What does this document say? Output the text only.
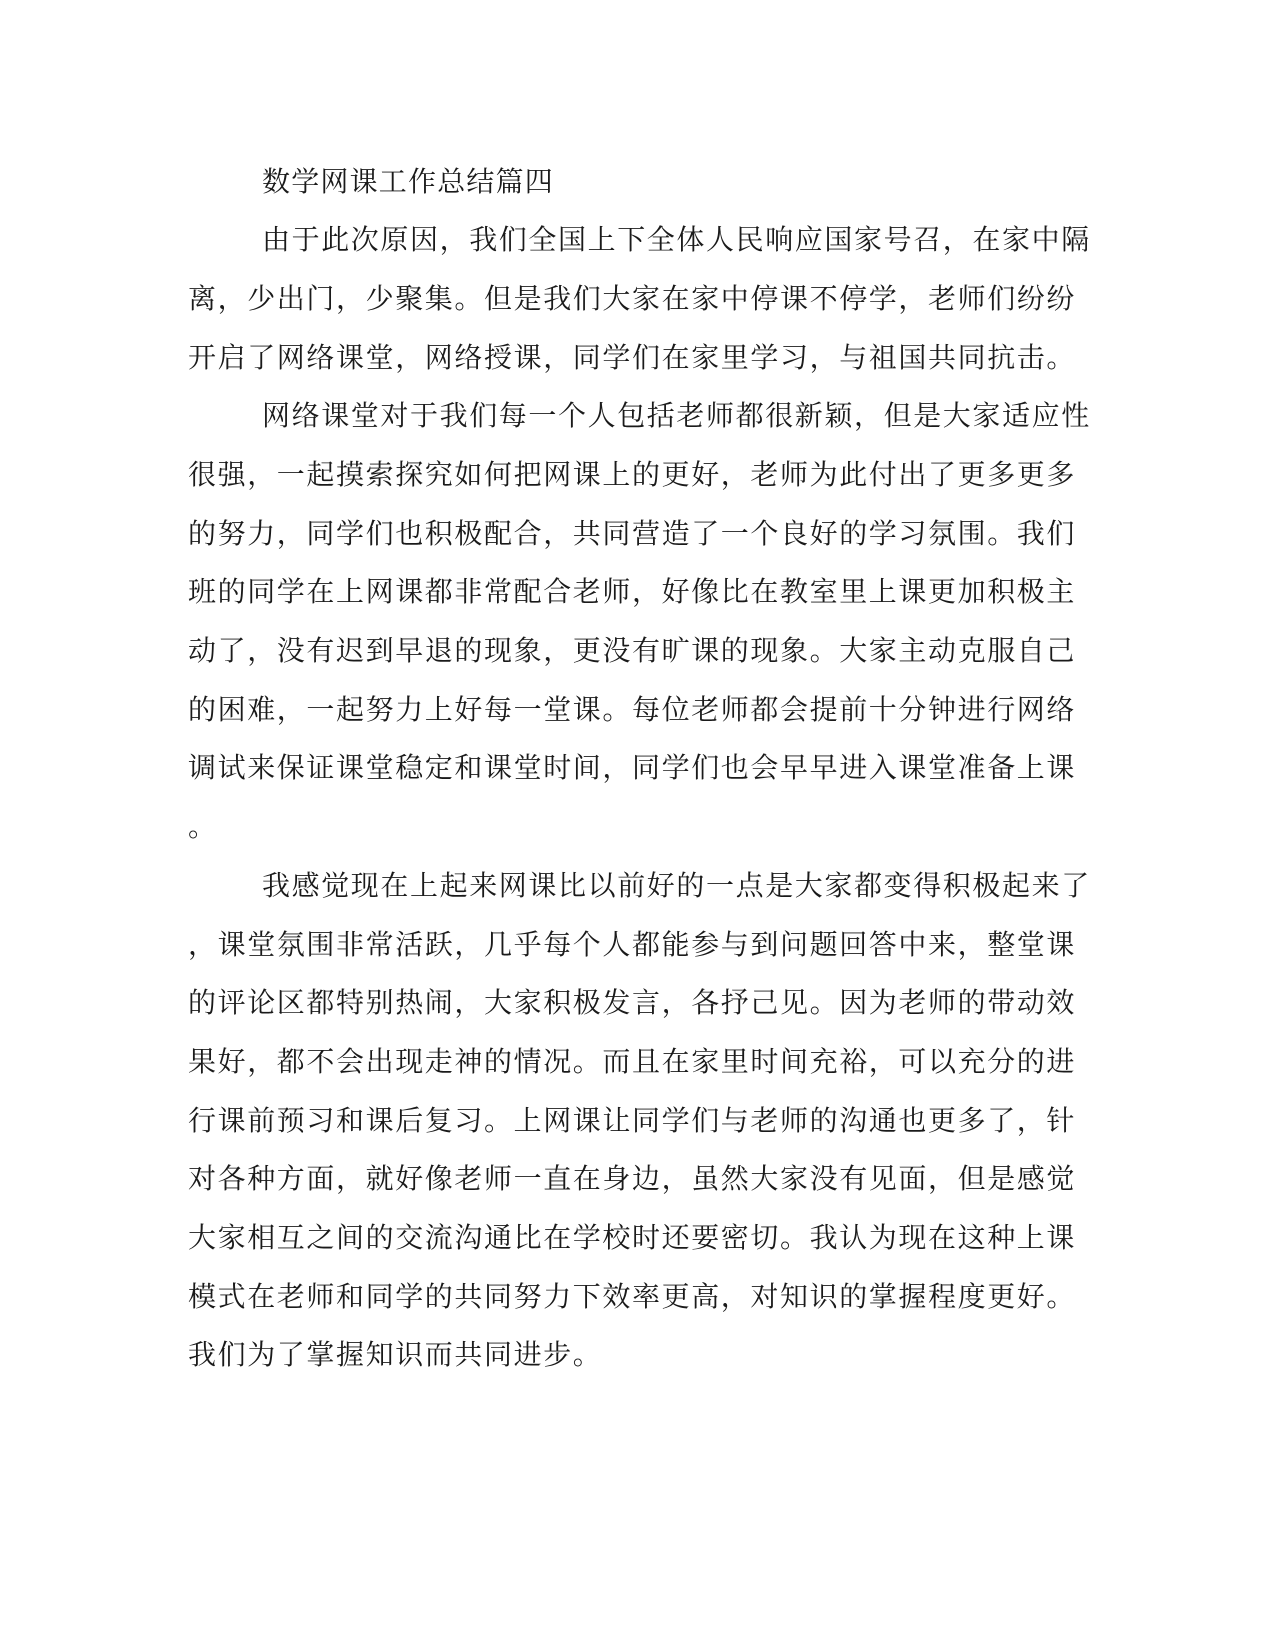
数学网课工作总结篇四

由于此次原因，我们全国上下全体人民响应国家号召，在家中隔

离，少出门，少聚集。但是我们大家在家中停课不停学，老师们纷纷

开启了网络课堂，网络授课，同学们在家里学习，与祖国共同抗击。

网络课堂对于我们每一个人包括老师都很新颖，但是大家适应性

很强，一起摸索探究如何把网课上的更好，老师为此付出了更多更多

的努力，同学们也积极配合，共同营造了一个良好的学习氛围。我们

班的同学在上网课都非常配合老师，好像比在教室里上课更加积极主

动了，没有迟到早退的现象，更没有旷课的现象。大家主动克服自己

的困难，一起努力上好每一堂课。每位老师都会提前十分钟进行网络

调试来保证课堂稳定和课堂时间，同学们也会早早进入课堂准备上课

。

我感觉现在上起来网课比以前好的一点是大家都变得积极起来了

，课堂氛围非常活跃，几乎每个人都能参与到问题回答中来，整堂课

的评论区都特别热闹，大家积极发言，各抒己见。因为老师的带动效

果好，都不会出现走神的情况。而且在家里时间充裕，可以充分的进

行课前预习和课后复习。上网课让同学们与老师的沟通也更多了，针

对各种方面，就好像老师一直在身边，虽然大家没有见面，但是感觉

大家相互之间的交流沟通比在学校时还要密切。我认为现在这种上课

模式在老师和同学的共同努力下效率更高，对知识的掌握程度更好。

我们为了掌握知识而共同进步。
